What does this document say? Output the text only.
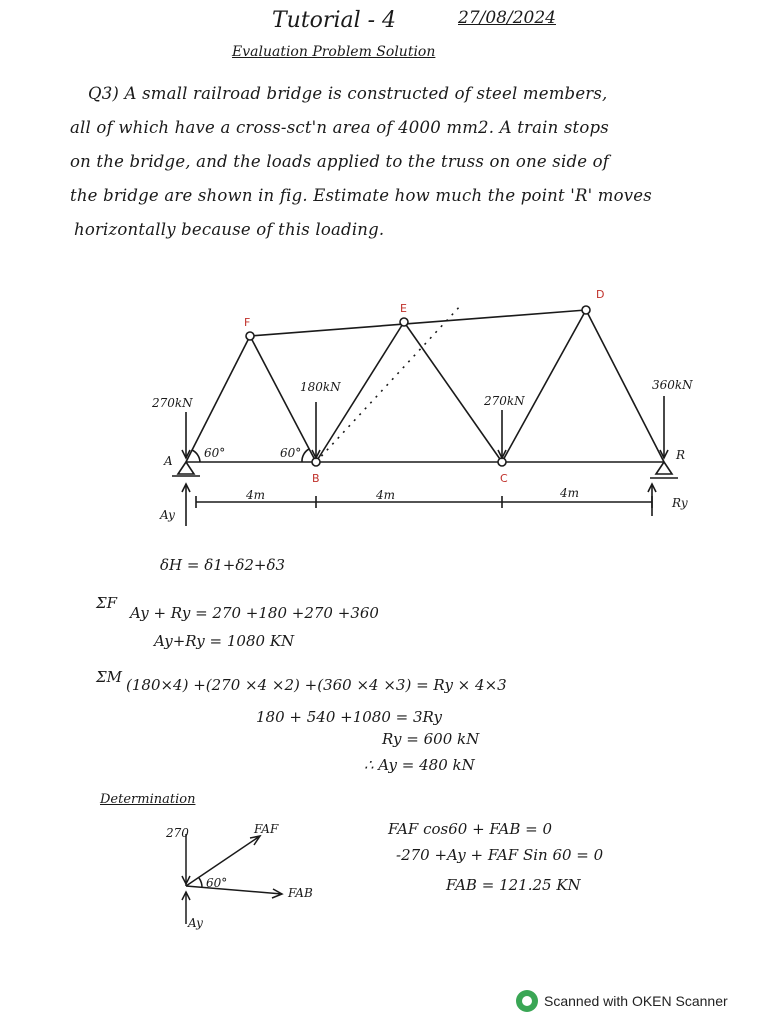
Tutorial - 4	27/08/2024
Evaluation Problem Solution
Q3) A small railroad bridge is constructed of steel members,
all of which have a cross-sct'n area of 4000 mm2. A train stops
on the bridge, and the loads applied to the truss on one side of
the bridge are shown in fig. Estimate how much the point 'R' moves
horizontally because of this loading.
F
E
D
A
B	C
R
270kN
180kN
270kN
360kN
60°	60°
4m	4m	4m
Ay
Ry
δH = δ1+δ2+δ3
ΣF
Ay + Ry = 270 +180 +270 +360
Ay+Ry = 1080 KN
ΣM (180×4) +(270 ×4 ×2) +(360 ×4 ×3) = Ry × 4×3
180 + 540 +1080 = 3Ry
Ry = 600 kN
∴ Ay = 480 kN
Determination
270	FAF
FAB
60°
Ay
FAF cos60 + FAB = 0
-270 +Ay + FAF Sin 60 = 0
FAB = 121.25 KN
Scanned with OKEN Scanner
